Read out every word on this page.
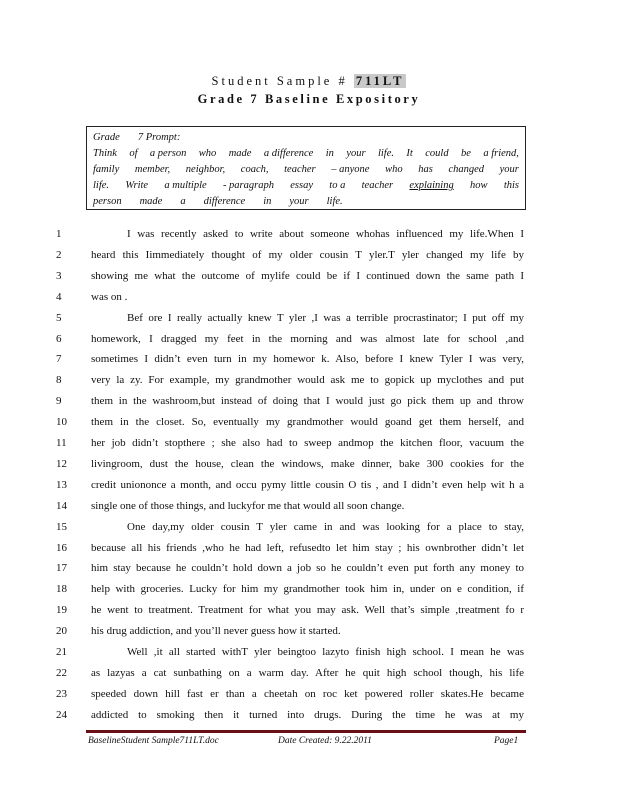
Student Sample # 711LT
Grade 7 Baseline Expository
Grade 7 Prompt:
Think of a person who made a difference in your life. It could be a friend,
family member, neighbor, coach, teacher – anyone who has changed your
life. Write a multiple - paragraph essay to a teacher explaining how this
person made a difference in your life.
1	I was recently asked to write about someone whohas influenced my life.When I
2	heard this Iimmediately thought of my older cousin T yler.T yler changed my life by
3	showing me what the outcome of mylife could be if I continued down the same path I
4	was on .
5	Bef ore I really actually knew T yler ,I was a terrible procrastinator; I put off my
6	homework, I dragged my feet in the morning and was almost late for school ,and
7	sometimes I didn’t even turn in my homewor k. Also, before I knew Tyler I was very,
8	very la zy. For example, my grandmother would ask me to gopick up myclothes and put
9	them in the washroom,but instead of doing that I would just go pick them up and throw
10	them in the closet. So, eventually my grandmother would goand get them herself, and
11	her job didn’t stopthere ; she also had to sweep andmop the kitchen floor, vacuum the
12	livingroom, dust the house, clean the windows, make dinner, bake 300 cookies for the
13	credit uniononce a month, and occu pymy little cousin O tis , and I didn’t even help wit h a
14	single one of those things, and luckyfor me that would all soon change.
15	One day,my older cousin T yler came in and was looking for a place to stay,
16	because all his friends ,who he had left, refusedto let him stay ; his ownbrother didn’t let
17	him stay because he couldn’t hold down a job so he couldn’t even put forth any money to
18	help with groceries. Lucky for him my grandmother took him in, under on e condition, if
19	he went to treatment. Treatment for what you may ask. Well that’s simple ,treatment fo r
20	his drug addiction, and you’ll never guess how it started.
21	Well ,it all started withT yler beingtoo lazyto finish high school. I mean he was
22	as lazyas a cat sunbathing on a warm day. After he quit high school though, his life
23	speeded down hill fast er than a cheetah on roc ket powered roller skates.He became
24	addicted to smoking then it turned into drugs. During the time he was at my
BaselineStudent Sample711LT.doc	Date Created: 9.22.2011	Page1
